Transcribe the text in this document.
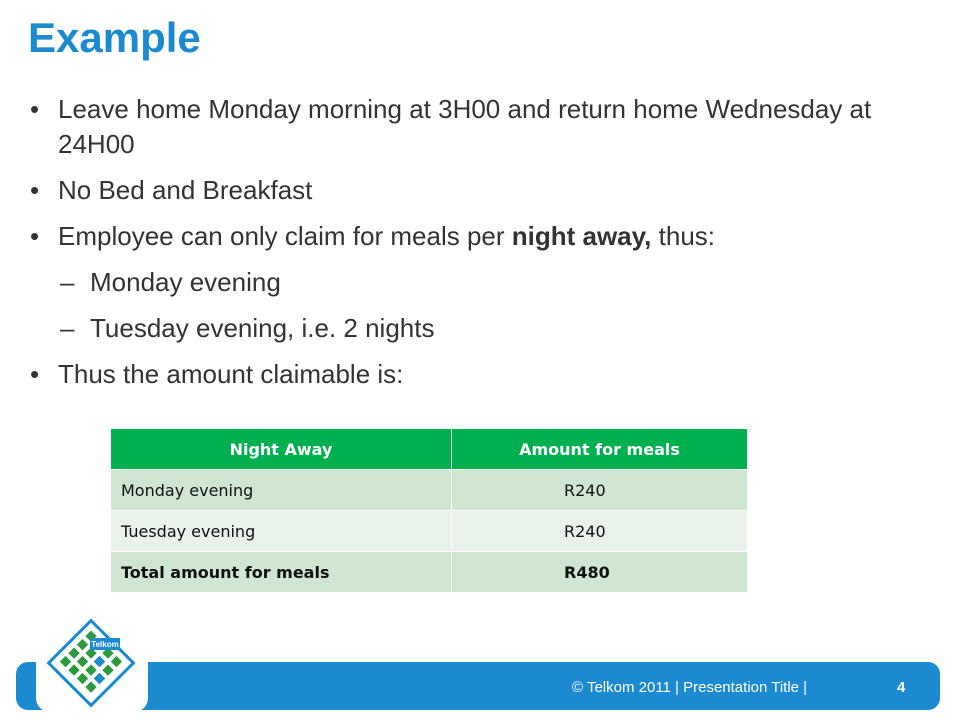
Example
• Leave home Monday morning at 3H00 and return home Wednesday at 24H00
• No Bed and Breakfast
• Employee can only claim for meals per night away, thus:
– Monday evening
– Tuesday evening, i.e. 2 nights
• Thus the amount claimable is:
Night Away	Amount for meals
Monday evening	R240
Tuesday evening	R240
Total amount for meals	R480
Telkom
© Telkom 2011 | Presentation Title |	4
